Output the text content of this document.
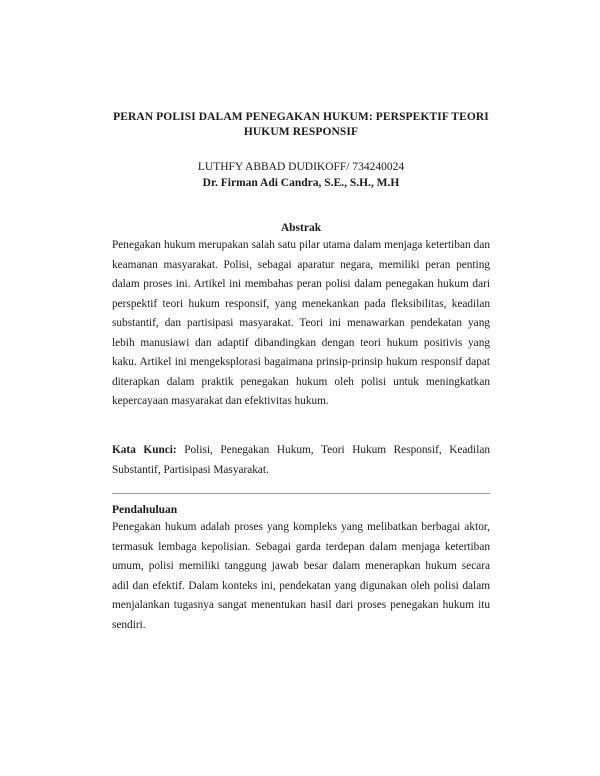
PERAN POLISI DALAM PENEGAKAN HUKUM: PERSPEKTIF TEORI HUKUM RESPONSIF
LUTHFY ABBAD DUDIKOFF/ 734240024
Dr. Firman Adi Candra, S.E., S.H., M.H
Abstrak
Penegakan hukum merupakan salah satu pilar utama dalam menjaga ketertiban dan keamanan masyarakat. Polisi, sebagai aparatur negara, memiliki peran penting dalam proses ini. Artikel ini membahas peran polisi dalam penegakan hukum dari perspektif teori hukum responsif, yang menekankan pada fleksibilitas, keadilan substantif, dan partisipasi masyarakat. Teori ini menawarkan pendekatan yang lebih manusiawi dan adaptif dibandingkan dengan teori hukum positivis yang kaku. Artikel ini mengeksplorasi bagaimana prinsip-prinsip hukum responsif dapat diterapkan dalam praktik penegakan hukum oleh polisi untuk meningkatkan kepercayaan masyarakat dan efektivitas hukum.
Kata Kunci: Polisi, Penegakan Hukum, Teori Hukum Responsif, Keadilan Substantif, Partisipasi Masyarakat.
Pendahuluan
Penegakan hukum adalah proses yang kompleks yang melibatkan berbagai aktor, termasuk lembaga kepolisian. Sebagai garda terdepan dalam menjaga ketertiban umum, polisi memiliki tanggung jawab besar dalam menerapkan hukum secara adil dan efektif. Dalam konteks ini, pendekatan yang digunakan oleh polisi dalam menjalankan tugasnya sangat menentukan hasil dari proses penegakan hukum itu sendiri.
